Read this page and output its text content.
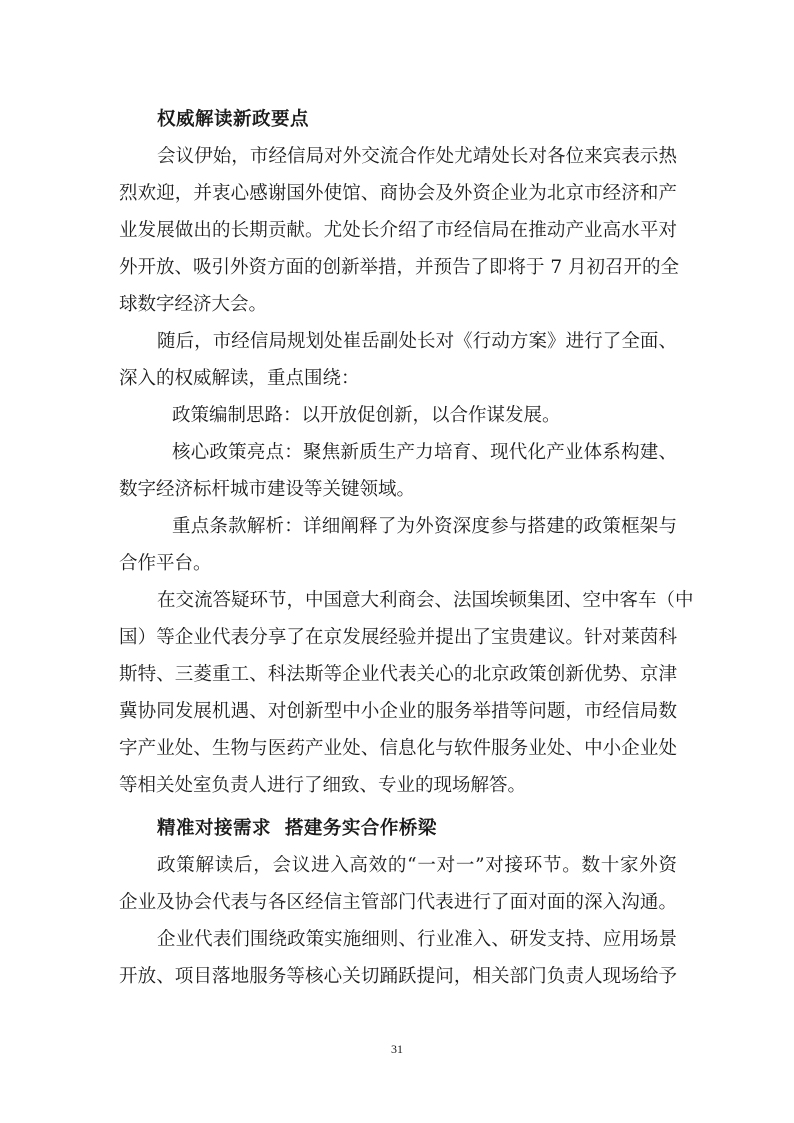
权威解读新政要点
会议伊始，市经信局对外交流合作处尤靖处长对各位来宾表示热
烈欢迎，并衷心感谢国外使馆、商协会及外资企业为北京市经济和产
业发展做出的长期贡献。尤处长介绍了市经信局在推动产业高水平对
外开放、吸引外资方面的创新举措，并预告了即将于 7 月初召开的全
球数字经济大会。
随后，市经信局规划处崔岳副处长对《行动方案》进行了全面、
深入的权威解读，重点围绕：
政策编制思路：以开放促创新，以合作谋发展。
核心政策亮点：聚焦新质生产力培育、现代化产业体系构建、
数字经济标杆城市建设等关键领域。
重点条款解析：详细阐释了为外资深度参与搭建的政策框架与
合作平台。
在交流答疑环节，中国意大利商会、法国埃顿集团、空中客车（中
国）等企业代表分享了在京发展经验并提出了宝贵建议。针对莱茵科
斯特、三菱重工、科法斯等企业代表关心的北京政策创新优势、京津
冀协同发展机遇、对创新型中小企业的服务举措等问题，市经信局数
字产业处、生物与医药产业处、信息化与软件服务业处、中小企业处
等相关处室负责人进行了细致、专业的现场解答。
精准对接需求  搭建务实合作桥梁
政策解读后，会议进入高效的“一对一”对接环节。数十家外资
企业及协会代表与各区经信主管部门代表进行了面对面的深入沟通。
企业代表们围绕政策实施细则、行业准入、研发支持、应用场景
开放、项目落地服务等核心关切踊跃提问，相关部门负责人现场给予
31
